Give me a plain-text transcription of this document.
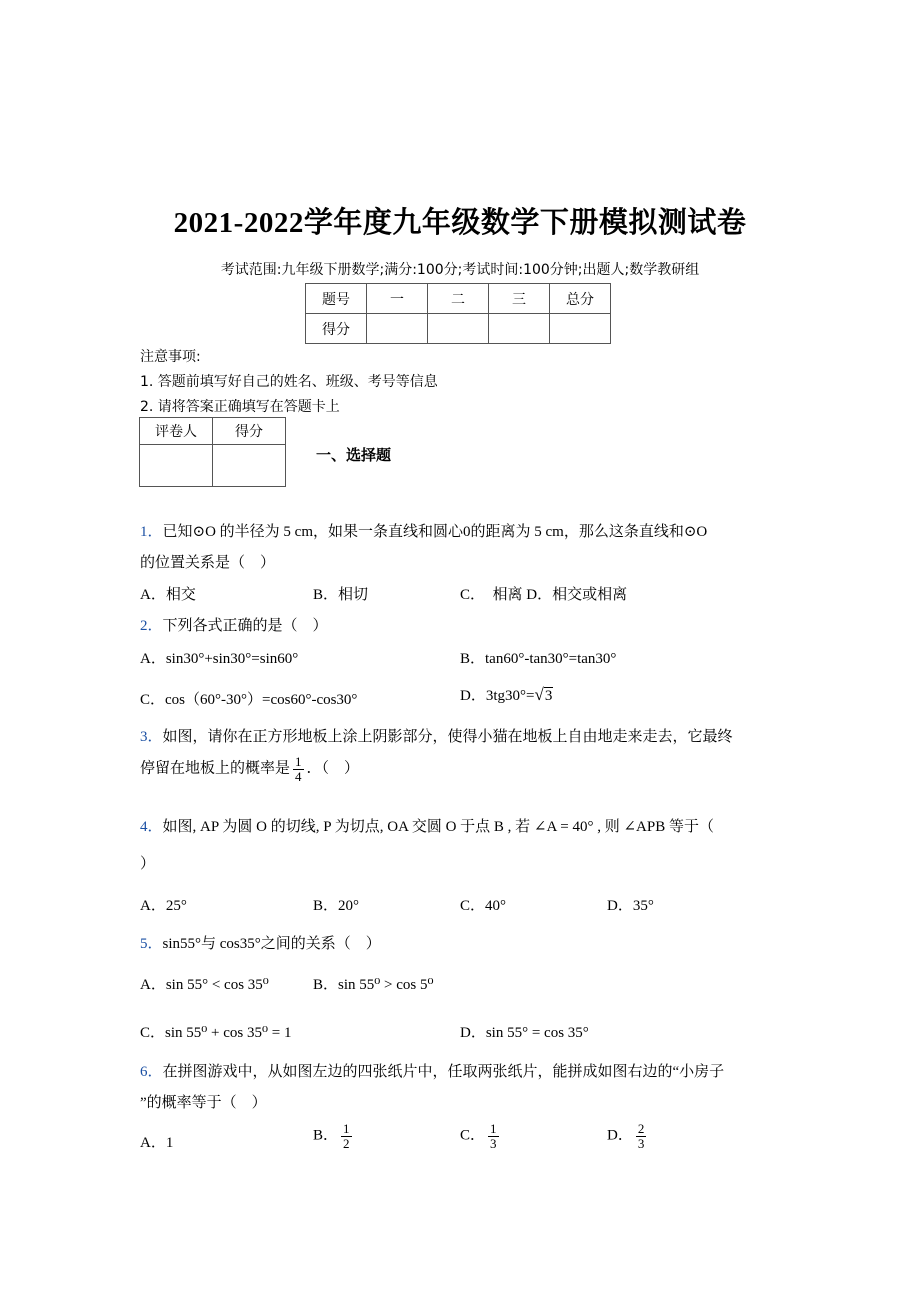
2021-2022学年度九年级数学下册模拟测试卷
考试范围:九年级下册数学;满分:100分;考试时间:100分钟;出题人;数学教研组
题号	一	二	三	总分
得分				
注意事项:
1. 答题前填写好自己的姓名、班级、考号等信息
2. 请将答案正确填写在答题卡上
评卷人	得分

一、选择题
1．已知⊙O 的半径为 5 cm，如果一条直线和圆心0的距离为 5 cm，那么这条直线和⊙O
的位置关系是（　）
A．相交	B．相切	C．　相离 D．相交或相离
2．下列各式正确的是（　）
A．sin30°+sin30°=sin60°	B．tan60°-tan30°=tan30°
C．cos（60°-30°）=cos60°-cos30°	D．3tg30°=√3
3．如图，请你在正方形地板上涂上阴影部分，使得小猫在地板上自由地走来走去，它最终
停留在地板上的概率是 $\frac{1}{4}$ ．（　）
4．如图, AP 为圆 O 的切线, P 为切点, OA 交圆 O 于点 B , 若 ∠A = 40° , 则 ∠APB 等于（
）
A．25°	B．20°	C．40°	D．35°
5．sin55°与 cos35°之间的关系（　）
A．sin 55° < cos 35⁰	B．sin 55⁰ > cos 5⁰
C．sin 55⁰ + cos 35⁰ = 1	D．sin 55° = cos 35°
6．在拼图游戏中，从如图左边的四张纸片中，任取两张纸片，能拼成如图右边的“小房子
”的概率等于（　）
A．1	B． $\frac{1}{2}$	C． $\frac{1}{3}$	D． $\frac{2}{3}$
